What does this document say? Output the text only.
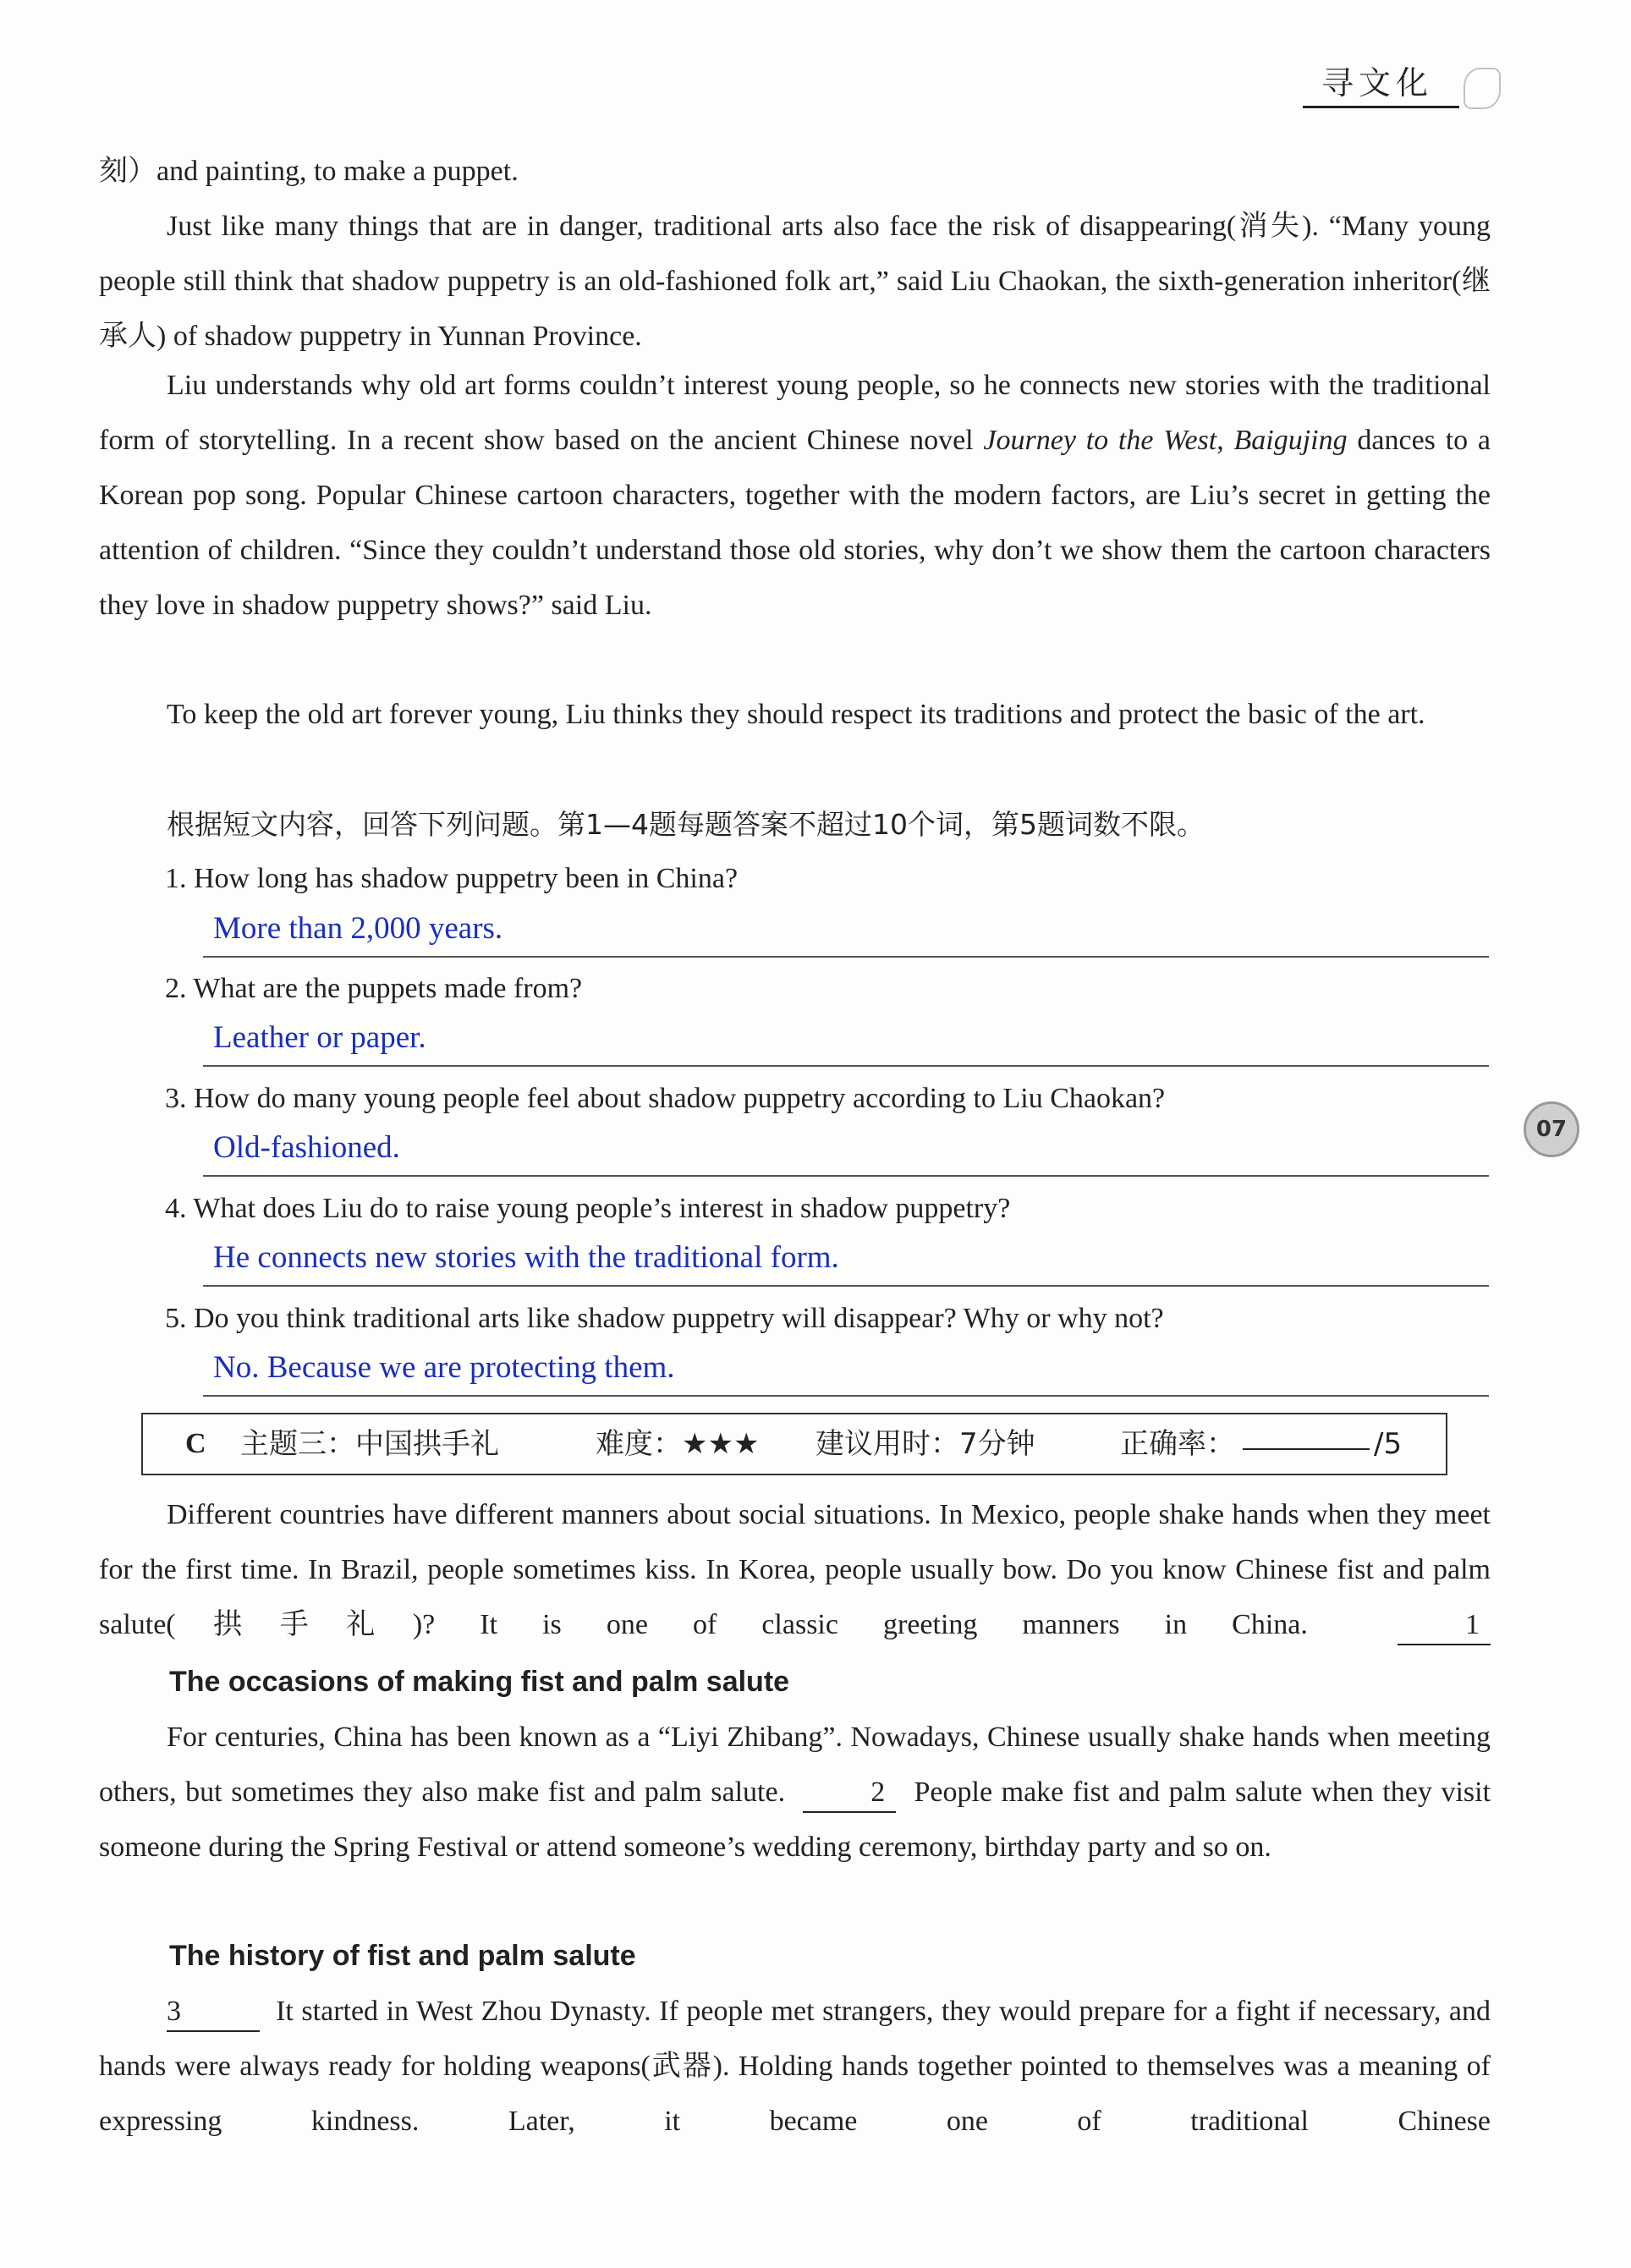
寻文化

刻）and painting, to make a puppet.

Just like many things that are in danger, traditional arts also face the risk of disappearing(消失). “Many young people still think that shadow puppetry is an old-fashioned folk art,” said Liu Chaokan, the sixth-generation inheritor(继承人) of shadow puppetry in Yunnan Province.

Liu understands why old art forms couldn’t interest young people, so he connects new stories with the traditional form of storytelling. In a recent show based on the ancient Chinese novel Journey to the West, Baigujing dances to a Korean pop song. Popular Chinese cartoon characters, together with the modern factors, are Liu’s secret in getting the attention of children. “Since they couldn’t understand those old stories, why don’t we show them the cartoon characters they love in shadow puppetry shows?” said Liu.

To keep the old art forever young, Liu thinks they should respect its traditions and protect the basic of the art.

根据短文内容，回答下列问题。第1—4题每题答案不超过10个词，第5题词数不限。

1. How long has shadow puppetry been in China?

More than 2,000 years.

2. What are the puppets made from?

Leather or paper.

3. How do many young people feel about shadow puppetry according to Liu Chaokan?

Old-fashioned.

4. What does Liu do to raise young people’s interest in shadow puppetry?

He connects new stories with the traditional form.

5. Do you think traditional arts like shadow puppetry will disappear? Why or why not?

No. Because we are protecting them.
07
C 主题三：中国拱手礼	难度：★★★ 建议用时：7分钟	正确率：	/5

Different countries have different manners about social situations. In Mexico, people shake hands when they meet for the first time. In Brazil, people sometimes kiss. In Korea, people usually bow. Do you know Chinese fist and palm salute(拱手礼)? It is one of classic greeting manners in China.	1

The occasions of making fist and palm salute

For centuries, China has been known as a “Liyi Zhibang”. Nowadays, Chinese usually shake hands when meeting others, but sometimes they also make fist and palm salute.	2 People make fist and palm salute when they visit someone during the Spring Festival or attend someone’s wedding ceremony, birthday party and so on.

The history of fist and palm salute

3	It started in West Zhou Dynasty. If people met strangers, they would prepare for a fight if necessary, and hands were always ready for holding weapons(武器). Holding hands together pointed to themselves was a meaning of expressing kindness. Later, it became one of traditional Chinese
